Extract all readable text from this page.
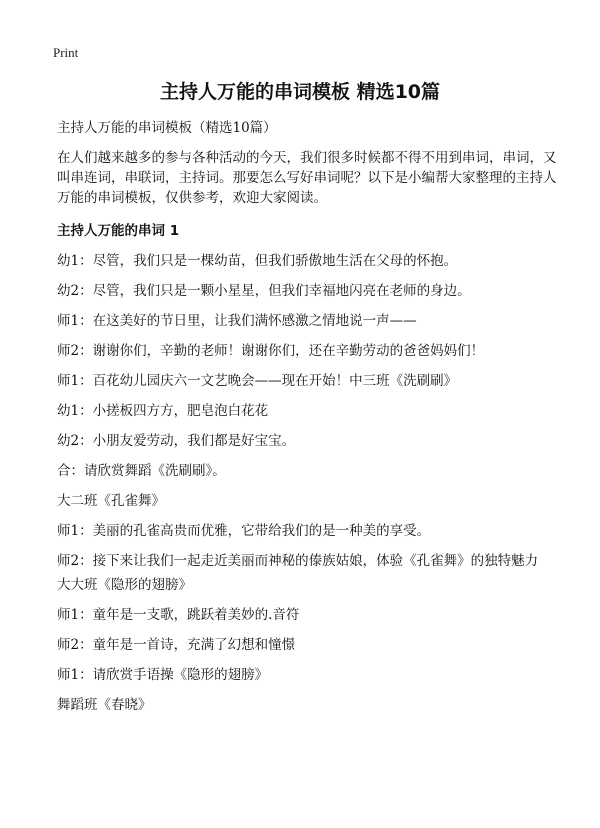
Print
主持人万能的串词模板 精选10篇

主持人万能的串词模板（精选10篇）

在人们越来越多的参与各种活动的今天，我们很多时候都不得不用到串词，串词，又叫串连词，串联词，主持词。那要怎么写好串词呢？以下是小编帮大家整理的主持人万能的串词模板，仅供参考，欢迎大家阅读。

主持人万能的串词 1

幼1：尽管，我们只是一棵幼苗，但我们骄傲地生活在父母的怀抱。

幼2：尽管，我们只是一颗小星星，但我们幸福地闪亮在老师的身边。

师1：在这美好的节日里，让我们满怀感激之情地说一声——

师2：谢谢你们，辛勤的老师！谢谢你们，还在辛勤劳动的爸爸妈妈们！

师1：百花幼儿园庆六一文艺晚会——现在开始！中三班《洗刷刷》

幼1：小搓板四方方，肥皂泡白花花

幼2：小朋友爱劳动，我们都是好宝宝。

合：请欣赏舞蹈《洗刷刷》。

大二班《孔雀舞》

师1：美丽的孔雀高贵而优雅，它带给我们的是一种美的享受。

师2：接下来让我们一起走近美丽而神秘的傣族姑娘，体验《孔雀舞》的独特魅力

大大班《隐形的翅膀》

师1：童年是一支歌，跳跃着美妙的.音符

师2：童年是一首诗，充满了幻想和憧憬

师1：请欣赏手语操《隐形的翅膀》

舞蹈班《春晓》
